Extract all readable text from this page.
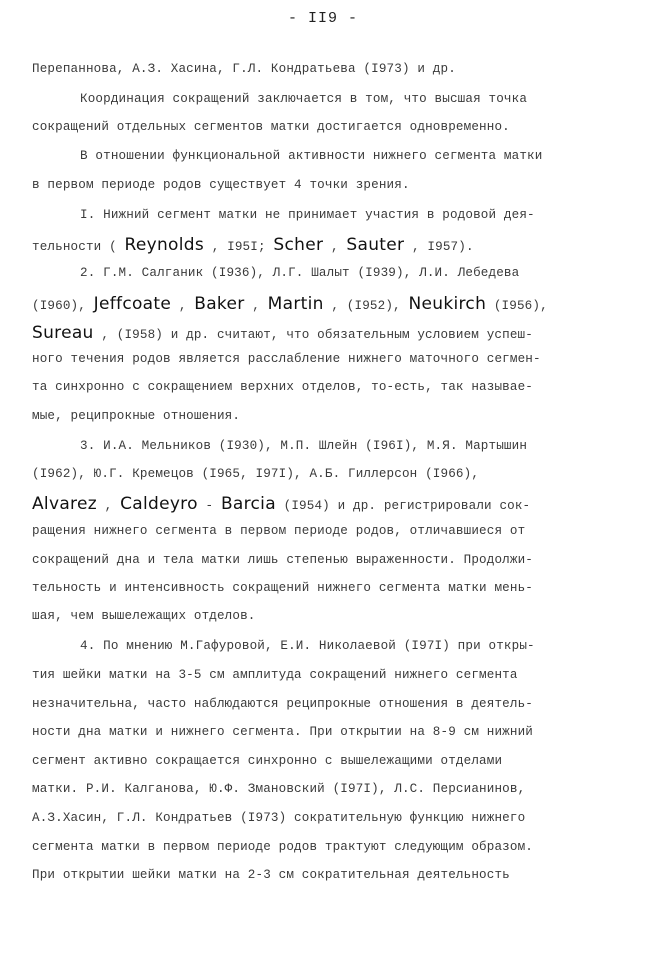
- II9 -
Перепаннова, А.З. Хасина, Г.Л. Кондратьева (I973) и др.
Координация сокращений заключается в том, что высшая точка
сокращений отдельных сегментов матки достигается одновременно.
В отношении функциональной активности нижнего сегмента матки
в первом периоде родов существует 4 точки зрения.
I. Нижний сегмент матки не принимает участия в родовой дея-
тельности ( Reynolds , I95I; Scher , Sauter , I957).
2. Г.М. Салганик (I936), Л.Г. Шалыт (I939), Л.И. Лебедева
(I960), Jeffcoate , Baker , Martin , (I952), Neukirch (I956),
Sureau , (I958) и др. считают, что обязательным условием успеш-
ного течения родов является расслабление нижнего маточного сегмен-
та синхронно с сокращением верхних отделов, то-есть, так называе-
мые, реципрокные отношения.
3. И.А. Мельников (I930), М.П. Шлейн (I96I), М.Я. Мартышин
(I962), Ю.Г. Кремецов (I965, I97I), А.Б. Гиллерсон (I966),
Alvarez , Caldeyro - Barcia (I954) и др. регистрировали сок-
ращения нижнего сегмента в первом периоде родов, отличавшиеся от
сокращений дна и тела матки лишь степенью выраженности. Продолжи-
тельность и интенсивность сокращений нижнего сегмента матки мень-
шая, чем вышележащих отделов.
4. По мнению М.Гафуровой, Е.И. Николаевой (I97I) при откры-
тия шейки матки на 3-5 см амплитуда сокращений нижнего сегмента
незначительна, часто наблюдаются реципрокные отношения в деятель-
ности дна матки и нижнего сегмента. При открытии на 8-9 см нижний
сегмент активно сокращается синхронно с вышележащими отделами
матки. Р.И. Калганова, Ю.Ф. Змановский (I97I), Л.С. Персианинов,
А.З.Хасин, Г.Л. Кондратьев (I973) сократительную функцию нижнего
сегмента матки в первом периоде родов трактуют следующим образом.
При открытии шейки матки на 2-3 см сократительная деятельность
